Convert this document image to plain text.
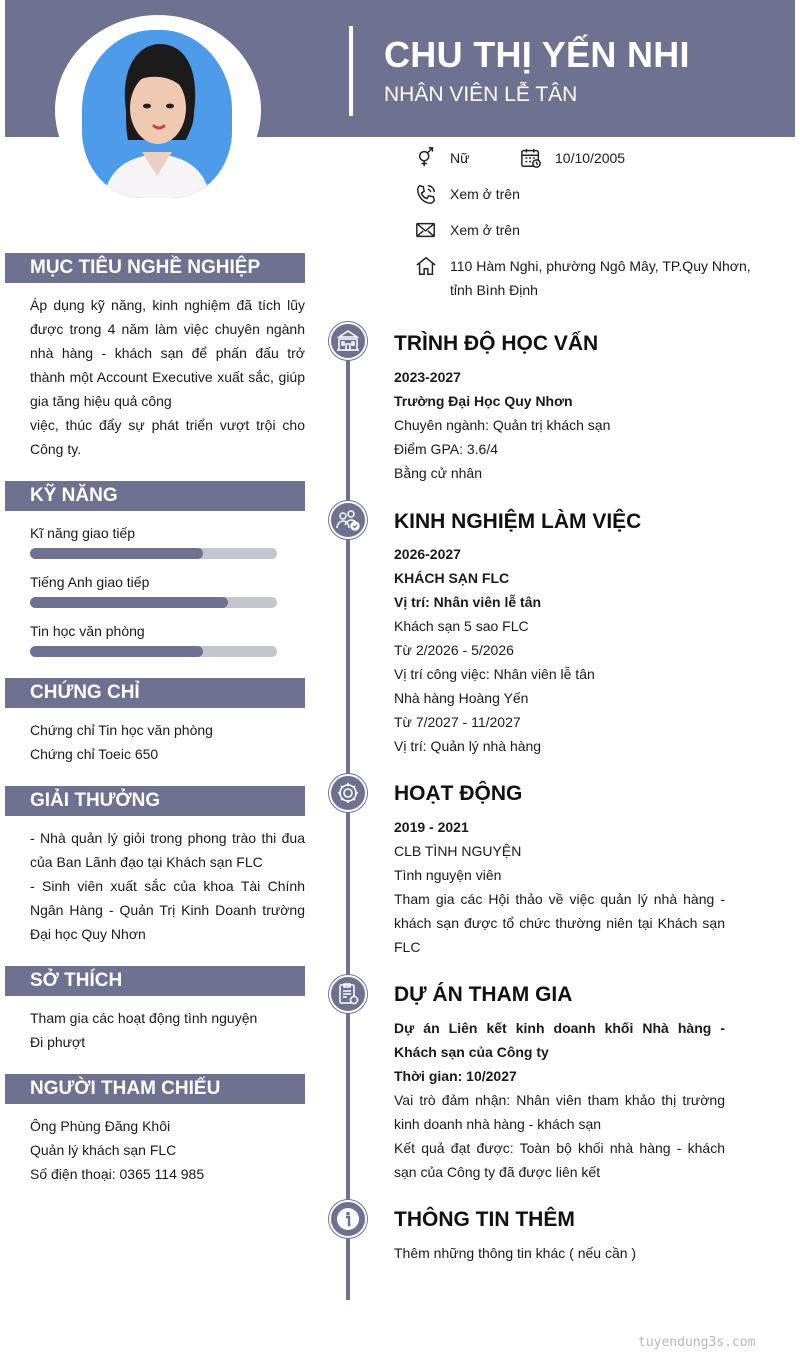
CHU THỊ YẾN NHI
NHÂN VIÊN LỄ TÂN
Nữ	10/10/2005
Xem ở trên
Xem ở trên
110 Hàm Nghi, phường Ngô Mây, TP.Quy Nhơn,
tỉnh Bình Định
MỤC TIÊU NGHỀ NGHIỆP
Áp dụng kỹ năng, kinh nghiệm đã tích lũy được trong 4 năm làm việc chuyên ngành nhà hàng - khách sạn để phấn đấu trở thành một Account Executive xuất sắc, giúp gia tăng hiệu quả công
việc, thúc đẩy sự phát triển vượt trội cho Công ty.
KỸ NĂNG
Kĩ năng giao tiếp
Tiếng Anh giao tiếp
Tin học văn phòng
CHỨNG CHỈ
Chứng chỉ Tin học văn phòng
Chứng chỉ Toeic 650
GIẢI THƯỞNG
- Nhà quản lý giỏi trong phong trào thi đua của Ban Lãnh đạo tại Khách sạn FLC
- Sinh viên xuất sắc của khoa Tài Chính Ngân Hàng - Quản Trị Kinh Doanh trường Đại học Quy Nhơn
SỞ THÍCH
Tham gia các hoạt động tình nguyện
Đi phượt
NGƯỜI THAM CHIẾU
Ông Phùng Đăng Khôi
Quản lý khách sạn FLC
Số điện thoại: 0365 114 985
TRÌNH ĐỘ HỌC VẤN
2023-2027
Trường Đại Học Quy Nhơn
Chuyên ngành: Quản trị khách sạn
Điểm GPA: 3.6/4
Bằng cử nhân
KINH NGHIỆM LÀM VIỆC
2026-2027
KHÁCH SẠN FLC
Vị trí: Nhân viên lễ tân
Khách sạn 5 sao FLC
Từ 2/2026 - 5/2026
Vị trí công việc: Nhân viên lễ tân
Nhà hàng Hoàng Yến
Từ 7/2027 - 11/2027
Vị trí: Quản lý nhà hàng
HOẠT ĐỘNG
2019 - 2021
CLB TÌNH NGUYỆN
Tình nguyện viên
Tham gia các Hội thảo về việc quản lý nhà hàng - khách sạn được tổ chức thường niên tại Khách sạn FLC
DỰ ÁN THAM GIA
Dự án Liên kết kinh doanh khối Nhà hàng - Khách sạn của Công ty
Thời gian: 10/2027
Vai trò đảm nhận: Nhân viên tham khảo thị trường kinh doanh nhà hàng - khách sạn
Kết quả đạt được: Toàn bộ khối nhà hàng - khách sạn của Công ty đã được liên kết
THÔNG TIN THÊM
Thêm những thông tin khác ( nếu cần )
tuyendung3s.com
